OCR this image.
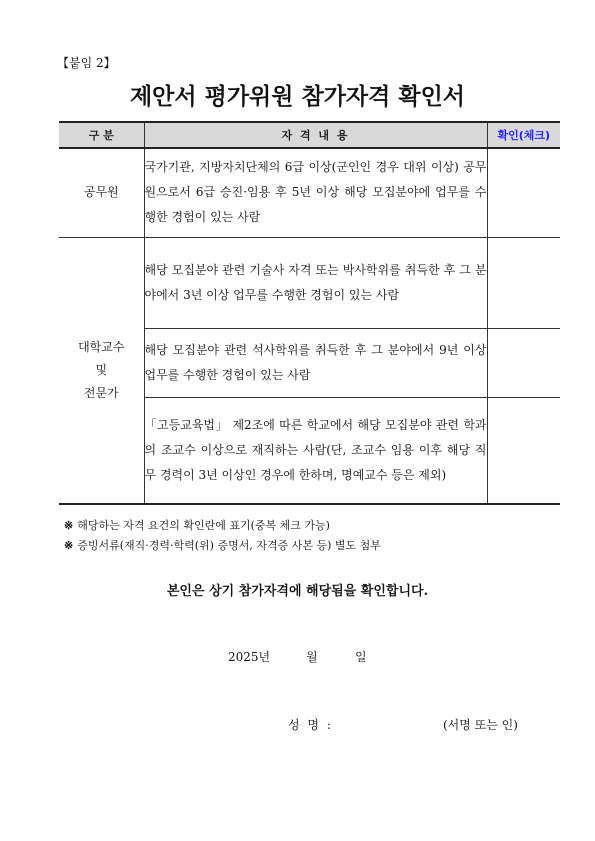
【붙임 2】
제안서 평가위원 참가자격 확인서
구 분	자 격 내 용	확인(체크)
공무원	국가기관, 지방자치단체의 6급 이상(군인인 경우 대위 이상) 공무원으로서 6급 승진·임용 후 5년 이상 해당 모집분야에 업무를 수행한 경험이 있는 사람	
대학교수
및
전문가	해당 모집분야 관련 기술사 자격 또는 박사학위를 취득한 후 그 분야에서 3년 이상 업무를 수행한 경험이 있는 사람	
	해당 모집분야 관련 석사학위를 취득한 후 그 분야에서 9년 이상 업무를 수행한 경험이 있는 사람	
	「고등교육법」 제2조에 따른 학교에서 해당 모집분야 관련 학과의 조교수 이상으로 재직하는 사람(단, 조교수 임용 이후 해당 직무 경력이 3년 이상인 경우에 한하며, 명예교수 등은 제외)	
※ 해당하는 자격 요건의 확인란에 표기(중복 체크 가능)
※ 증빙서류(재직·경력·학력(위) 증명서, 자격증 사본 등) 별도 첨부
본인은 상기 참가자격에 해당됨을 확인합니다.
2025년	월	일
성 명 :	(서명 또는 인)
